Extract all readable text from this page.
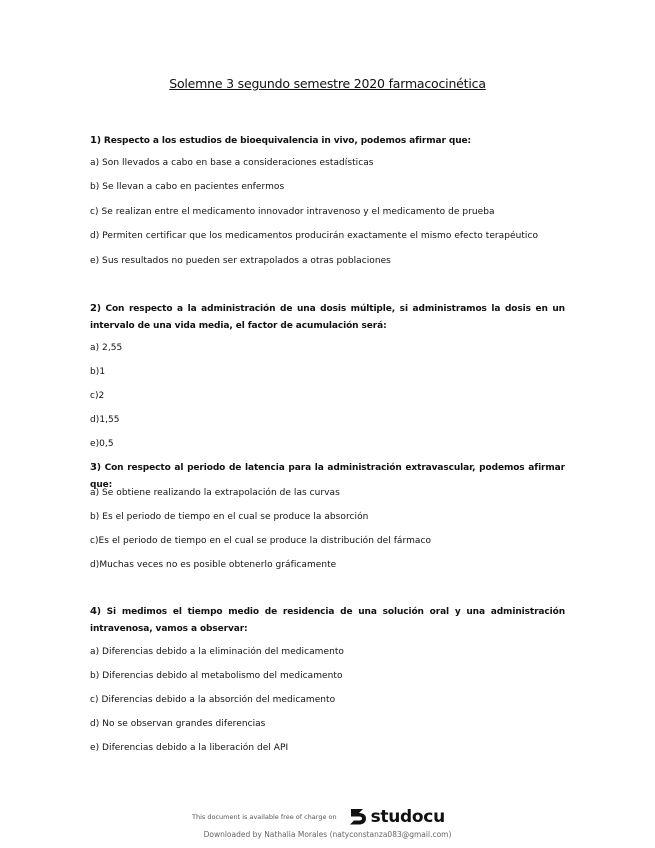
Solemne 3 segundo semestre 2020 farmacocinética
1) Respecto a los estudios de bioequivalencia in vivo, podemos afirmar que:
a) Son llevados a cabo en base a consideraciones estadísticas
b) Se llevan a cabo en pacientes enfermos
c) Se realizan entre el medicamento innovador intravenoso y el medicamento de prueba
d) Permiten certificar que los medicamentos producirán exactamente el mismo efecto terapéutico
e) Sus resultados no pueden ser extrapolados a otras poblaciones
2) Con respecto a la administración de una dosis múltiple, si administramos la dosis en un intervalo de una vida media, el factor de acumulación será:
a) 2,55
b)1
c)2
d)1,55
e)0,5
3) Con respecto al periodo de latencia para la administración extravascular, podemos afirmar que:
a) Se obtiene realizando la extrapolación de las curvas
b) Es el periodo de tiempo en el cual se produce la absorción
c)Es el periodo de tiempo en el cual se produce la distribución del fármaco
d)Muchas veces no es posible obtenerlo gráficamente
4) Si medimos el tiempo medio de residencia de una solución oral y una administración intravenosa, vamos a observar:
a) Diferencias debido a la eliminación del medicamento
b) Diferencias debido al metabolismo del medicamento
c) Diferencias debido a la absorción del medicamento
d) No se observan grandes diferencias
e) Diferencias debido a la liberación del API
This document is available free of charge on studocu
Downloaded by Nathalia Morales (natyconstanza083@gmail.com)
